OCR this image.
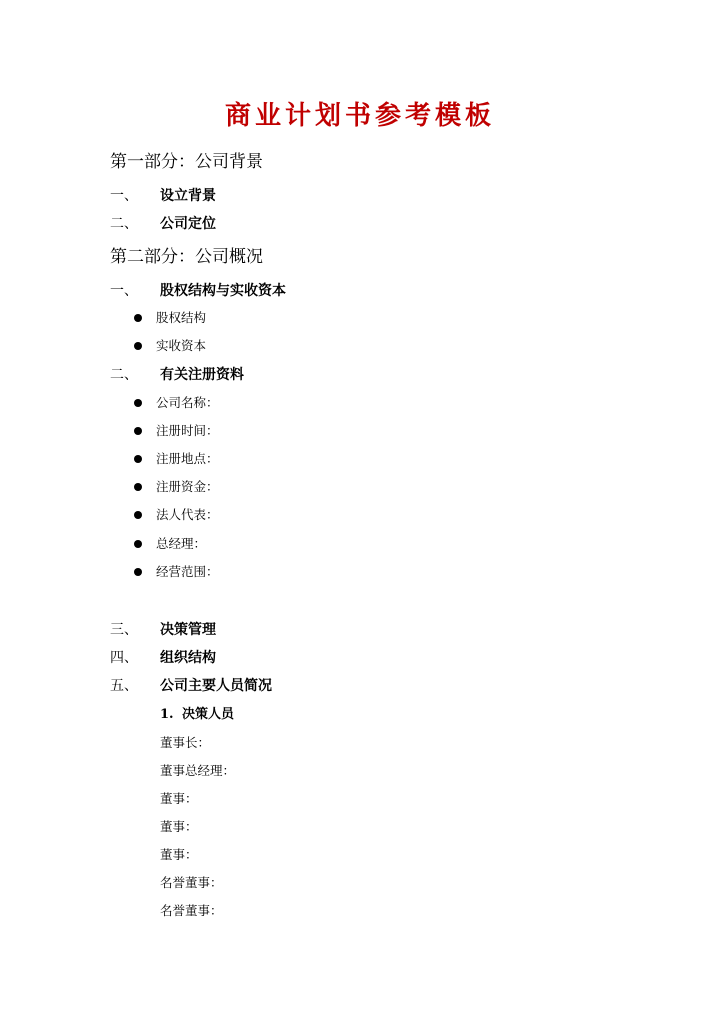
商业计划书参考模板
第一部分：公司背景
一、 设立背景
二、 公司定位
第二部分：公司概况
一、 股权结构与实收资本
股权结构
实收资本
二、 有关注册资料
公司名称：
注册时间：
注册地点：
注册资金：
法人代表：
总经理：
经营范围：
三、 决策管理
四、 组织结构
五、 公司主要人员简况
1. 决策人员
董事长：
董事总经理：
董事：
董事：
董事：
名誉董事：
名誉董事：
